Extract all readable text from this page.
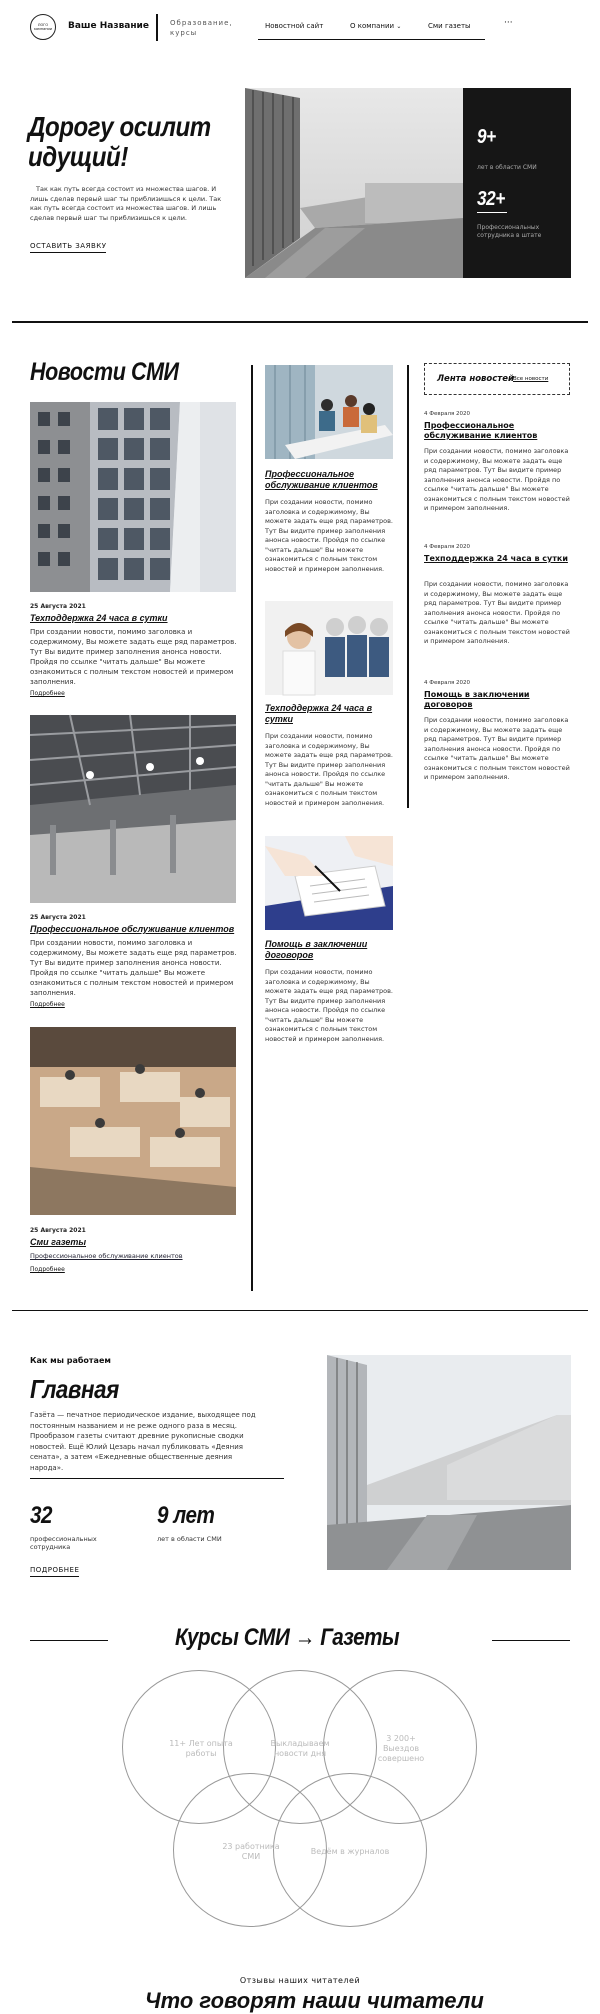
ЛОГО
компании Ваше Название	Образование, курсы
Новостной сайт	О компании ⌄	Сми газеты	···
Дорогу осилит идущий!
Так как путь всегда состоит из множества шагов. И лишь сделав первый шаг ты приблизишься к цели. Так как путь всегда состоит из множества шагов. И лишь сделав первый шаг ты приблизишься к цели.
ОСТАВИТЬ ЗАЯВКУ
9+
лет в области СМИ
32+
Профессиональных сотрудника в штате
Новости СМИ
25 Августа 2021
Техподдержка 24 часа в сутки
При создании новости, помимо заголовка и содержимому, Вы можете задать еще ряд параметров. Тут Вы видите пример заполнения анонса новости. Пройдя по ссылке "читать дальше" Вы можете ознакомиться с полным текстом новостей и примером заполнения.
Подробнее
25 Августа 2021
Профессиональное обслуживание клиентов
При создании новости, помимо заголовка и содержимому, Вы можете задать еще ряд параметров. Тут Вы видите пример заполнения анонса новости. Пройдя по ссылке "читать дальше" Вы можете ознакомиться с полным текстом новостей и примером заполнения.
Подробнее
25 Августа 2021
Сми газеты
Профессиональное обслуживание клиентов
Подробнее
Профессиональное обслуживание клиентов
При создании новости, помимо заголовка и содержимому, Вы можете задать еще ряд параметров. Тут Вы видите пример заполнения анонса новости. Пройдя по ссылке "читать дальше" Вы можете ознакомиться с полным текстом новостей и примером заполнения.
Техподдержка 24 часа в сутки
При создании новости, помимо заголовка и содержимому, Вы можете задать еще ряд параметров. Тут Вы видите пример заполнения анонса новости. Пройдя по ссылке "читать дальше" Вы можете ознакомиться с полным текстом новостей и примером заполнения.
Помощь в заключении договоров
При создании новости, помимо заголовка и содержимому, Вы можете задать еще ряд параметров. Тут Вы видите пример заполнения анонса новости. Пройдя по ссылке "читать дальше" Вы можете ознакомиться с полным текстом новостей и примером заполнения.
Лента новостей Все новости
4 Февраля 2020
Профессиональное обслуживание клиентов
При создании новости, помимо заголовка и содержимому, Вы можете задать еще ряд параметров. Тут Вы видите пример заполнения анонса новости. Пройдя по ссылке "читать дальше" Вы можете ознакомиться с полным текстом новостей и примером заполнения.
4 Февраля 2020
Техподдержка 24 часа в сутки
При создании новости, помимо заголовка и содержимому, Вы можете задать еще ряд параметров. Тут Вы видите пример заполнения анонса новости. Пройдя по ссылке "читать дальше" Вы можете ознакомиться с полным текстом новостей и примером заполнения.
4 Февраля 2020
Помощь в заключении договоров
При создании новости, помимо заголовка и содержимому, Вы можете задать еще ряд параметров. Тут Вы видите пример заполнения анонса новости. Пройдя по ссылке "читать дальше" Вы можете ознакомиться с полным текстом новостей и примером заполнения.
Как мы работаем
Главная
Газёта — печатное периодическое издание, выходящее под постоянным названием и не реже одного раза в месяц. Прообразом газеты считают древние рукописные сводки новостей. Ещё Юлий Цезарь начал публиковать «Деяния сената», а затем «Ежедневные общественные деяния народа».
32
профессиональных сотрудника
9 лет
лет в области СМИ
ПОДРОБНЕЕ
Курсы СМИ → Газеты
11+ Лет опыта работы
Выкладываем новости дня
3 200+ Выездов совершено
23 работника СМИ
Ведём в журналов
Отзывы наших читателей
Что говорят наши читатели
